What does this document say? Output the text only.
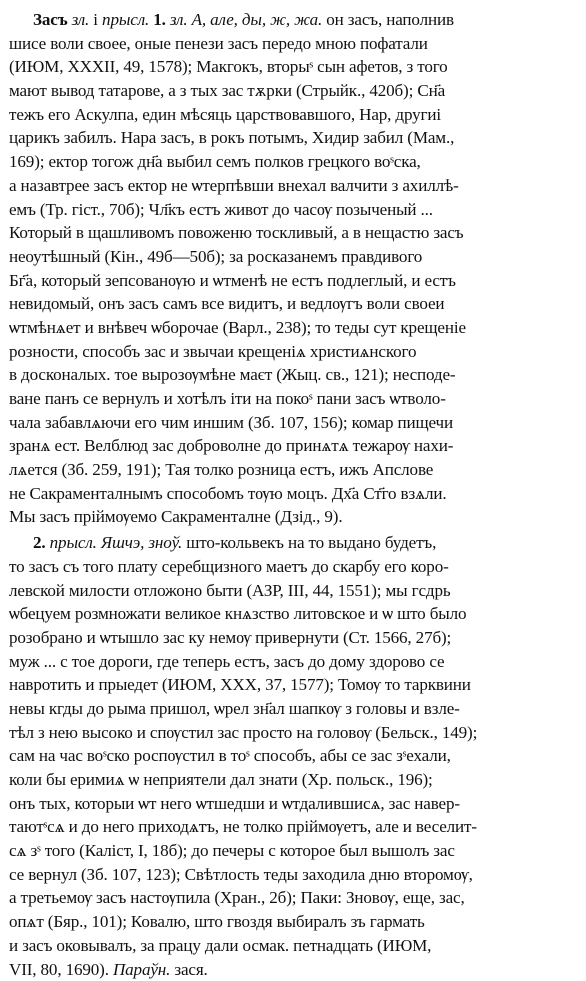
Засъ зл. і прысл. 1. зл. А, але, ды, ж, жа. он засъ, наполнив
шисе воли своее, оные пенези засъ передо мною пофатали
(ИЮМ, XXXII, 49, 1578); Макгокъ, вторыˢ сын афетов, з того
мают вывод татарове, а з тых зас тѫрки (Стрыйк., 420б); Сн҃а
тежъ его Аскулпа, един мѣсяць царствовавшого, Нар, другиі
царикъ забилъ. Нара засъ, в рокъ потымъ, Хидир забил (Мам.,
169); ектор тогож дн҃а выбил семъ полков грецкого воˢска,
а назавтрее засъ ектор не ѡтерпѣвши внехал валчити з ахиллѣ-
емъ (Тр. гіст., 70б); Чл҃къ естъ живот до часѹ позыченый ...
Который в щашливомъ повоженю тоскливый, а в нещастю засъ
неоутѣшный (Кін., 49б—50б); за росказанемъ правдивого
Бг҃а, который зепсованѹю и ѡтменѣ не естъ подлеглый, и естъ
невидомый, онъ засъ самъ все видитъ, и ведлѹгъ воли своеи
ѡтмѣнѧет и внѣвеч ѡборочае (Варл., 238); то теды сут крещеніе
розности, способъ зас и звычаи крещеніѧ христиѧнского
в досконалых. тое вырозѹмѣне маєт (Жыц. св., 121); несподе-
ване панъ се вернулъ и хотѣлъ іти на покоˢ пани засъ ѡтволо-
чала забавлѧючи его чим иншим (Зб. 107, 156); комар пищечи
зранѧ ест. Велблюд зас доброволне до принѧтѧ тежарѹ нахи-
лѧется (Зб. 259, 191); Тая толко розница естъ, ижъ Апслове
не Сакраменталнымъ способомъ тѹю моцъ. Дх҃а Ст҃го взѧли.
Мы засъ пріймѹемо Сакраменталне (Дзід., 9).
2. прысл. Яшчэ, зноў. што-кольвекъ на то выдано будетъ,
то засъ съ того плату серебщизного маетъ до скарбу его коро-
левской милости отложоно быти (АЗР, III, 44, 1551); мы гсдрь
ѡбецуем розмножати великое кнѧзство литовское и ѡ што было
розобрано и ѡтышло зас ку немѹ привернути (Ст. 1566, 27б);
муж ... с тое дороги, где теперь естъ, засъ до дому здорово се
навротить и прыедет (ИЮМ, XXX, 37, 1577); Томѹ то тарквини
невы кгды до рыма пришол, ѡрел зн҃ал шапкѹ з головы и взле-
тѣл з нею высоко и спѹстил зас просто на головѹ (Бельск., 149);
сам на час воˢско роспѹстил в тоˢ способъ, абы се зас зˢехали,
коли бы еримиѧ ѡ неприятели дал знати (Хр. польск., 196);
онъ тых, которыи ѡт него ѡтшедши и ѡтдалившисѧ, зас навер-
таютˢсѧ и до него приходѧтъ, не толко пріймѹетъ, але и веселит-
сѧ зˢ того (Каліст, І, 18б); до печеры с которое был вышолъ зас
се вернул (Зб. 107, 123); Свѣтлость теды заходила дню второмѹ,
а третьемѹ засъ настѹпила (Хран., 2б); Паки: Зновѹ, еще, зас,
опѧт (Бяр., 101); Ковалю, што гвоздя выбиралъ зъ гармать
и засъ оковывалъ, за працу дали осмак. петнадцать (ИЮМ,
VII, 80, 1690). Параўн. зася.
